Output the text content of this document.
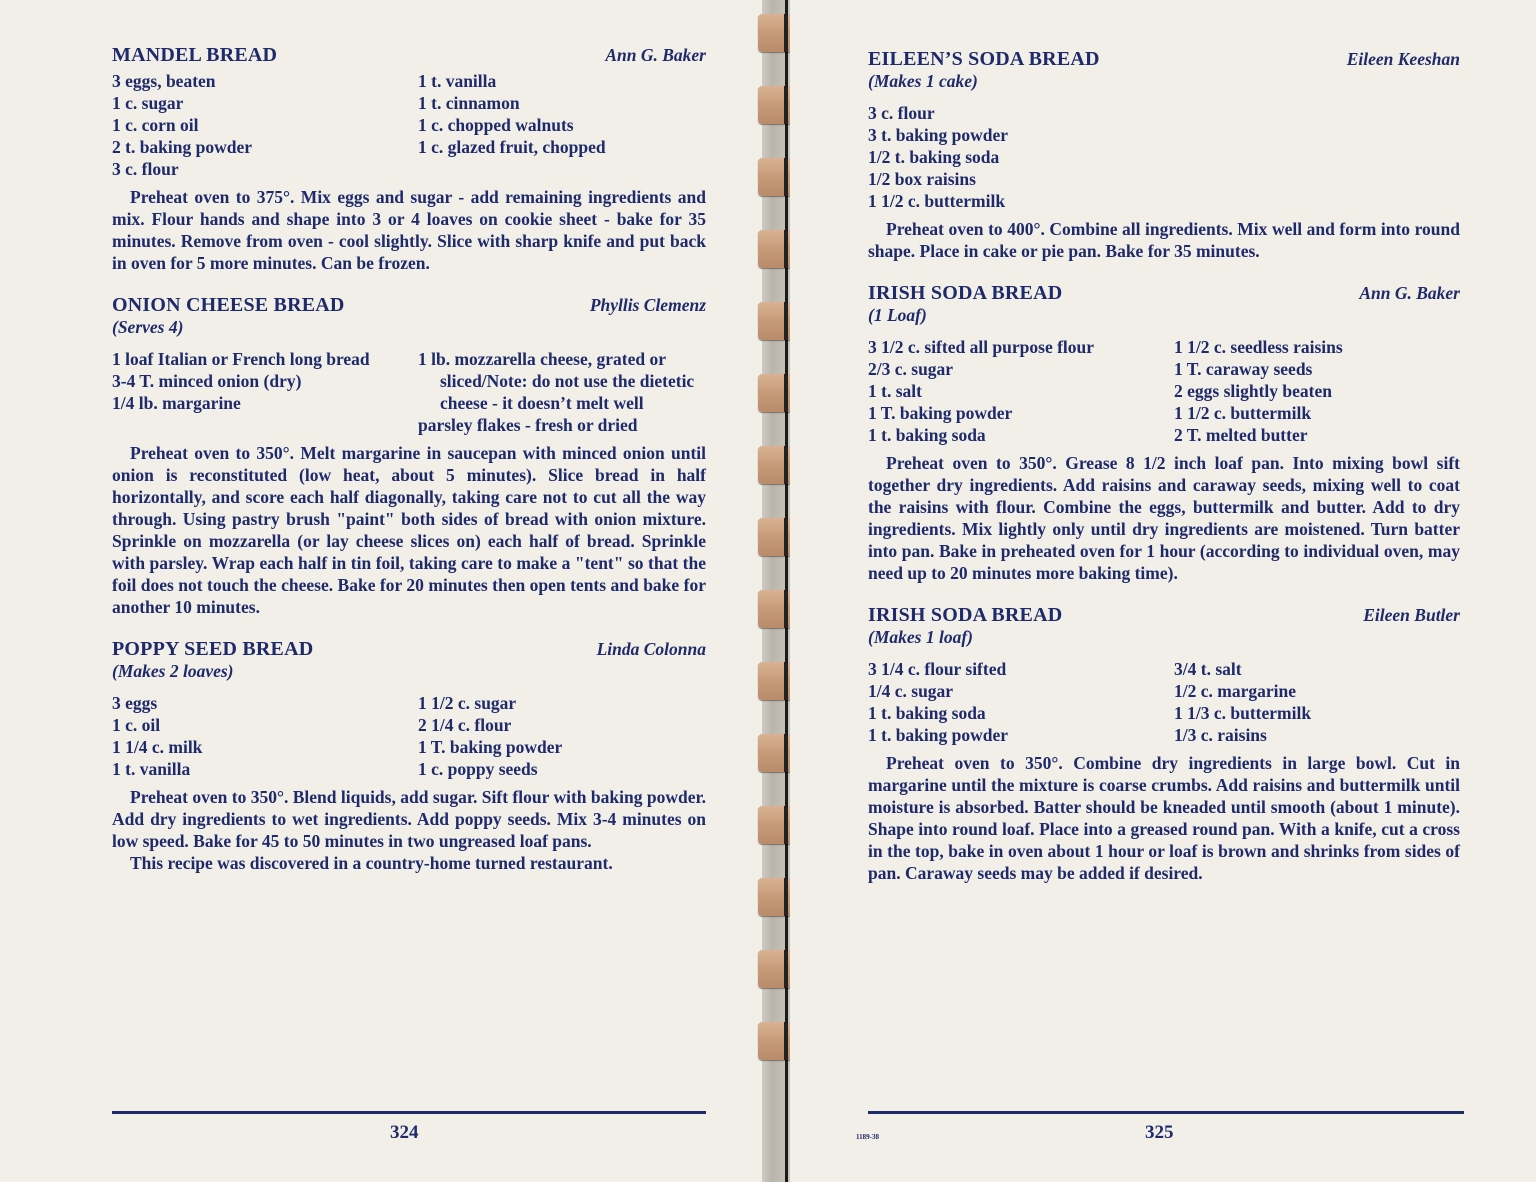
MANDEL BREAD	Ann G. Baker

3 eggs, beaten

1 c. sugar

1 c. corn oil

2 t. baking powder

3 c. flour

1 t. vanilla

1 t. cinnamon

1 c. chopped walnuts

1 c. glazed fruit, chopped

Preheat oven to 375°. Mix eggs and sugar - add remaining ingredients and mix. Flour hands and shape into 3 or 4 loaves on cookie sheet - bake for 35 minutes. Remove from oven - cool slightly. Slice with sharp knife and put back in oven for 5 more minutes. Can be frozen.

ONION CHEESE BREAD	Phyllis Clemenz
(Serves 4)

1 loaf Italian or French long bread

3-4 T. minced onion (dry)

1/4 lb. margarine

1 lb. mozzarella cheese, grated or sliced/Note: do not use the dietetic cheese - it doesn’t melt well

parsley flakes - fresh or dried

Preheat oven to 350°. Melt margarine in saucepan with minced onion until onion is reconstituted (low heat, about 5 minutes). Slice bread in half horizontally, and score each half diagonally, taking care not to cut all the way through. Using pastry brush "paint" both sides of bread with onion mixture. Sprinkle on mozzarella (or lay cheese slices on) each half of bread. Sprinkle with parsley. Wrap each half in tin foil, taking care to make a "tent" so that the foil does not touch the cheese. Bake for 20 minutes then open tents and bake for another 10 minutes.

POPPY SEED BREAD	Linda Colonna
(Makes 2 loaves)

3 eggs

1 c. oil

1 1/4 c. milk

1 t. vanilla

1 1/2 c. sugar

2 1/4 c. flour

1 T. baking powder

1 c. poppy seeds

Preheat oven to 350°. Blend liquids, add sugar. Sift flour with baking powder. Add dry ingredients to wet ingredients. Add poppy seeds. Mix 3-4 minutes on low speed. Bake for 45 to 50 minutes in two ungreased loaf pans.

This recipe was discovered in a country-home turned restaurant.

324
EILEEN’S SODA BREAD	Eileen Keeshan
(Makes 1 cake)

3 c. flour

3 t. baking powder

1/2 t. baking soda

1/2 box raisins

1 1/2 c. buttermilk

Preheat oven to 400°. Combine all ingredients. Mix well and form into round shape. Place in cake or pie pan. Bake for 35 minutes.

IRISH SODA BREAD	Ann G. Baker
(1 Loaf)

3 1/2 c. sifted all purpose flour

2/3 c. sugar

1 t. salt

1 T. baking powder

1 t. baking soda

1 1/2 c. seedless raisins

1 T. caraway seeds

2 eggs slightly beaten

1 1/2 c. buttermilk

2 T. melted butter

Preheat oven to 350°. Grease 8 1/2 inch loaf pan. Into mixing bowl sift together dry ingredients. Add raisins and caraway seeds, mixing well to coat the raisins with flour. Combine the eggs, buttermilk and butter. Add to dry ingredients. Mix lightly only until dry ingredients are moistened. Turn batter into pan. Bake in preheated oven for 1 hour (according to individual oven, may need up to 20 minutes more baking time).

IRISH SODA BREAD	Eileen Butler
(Makes 1 loaf)

3 1/4 c. flour sifted

1/4 c. sugar

1 t. baking soda

1 t. baking powder

3/4 t. salt

1/2 c. margarine

1 1/3 c. buttermilk

1/3 c. raisins

Preheat oven to 350°. Combine dry ingredients in large bowl. Cut in margarine until the mixture is coarse crumbs. Add raisins and buttermilk until moisture is absorbed. Batter should be kneaded until smooth (about 1 minute). Shape into round loaf. Place into a greased round pan. With a knife, cut a cross in the top, bake in oven about 1 hour or loaf is brown and shrinks from sides of pan. Caraway seeds may be added if desired.

1189-38	325
